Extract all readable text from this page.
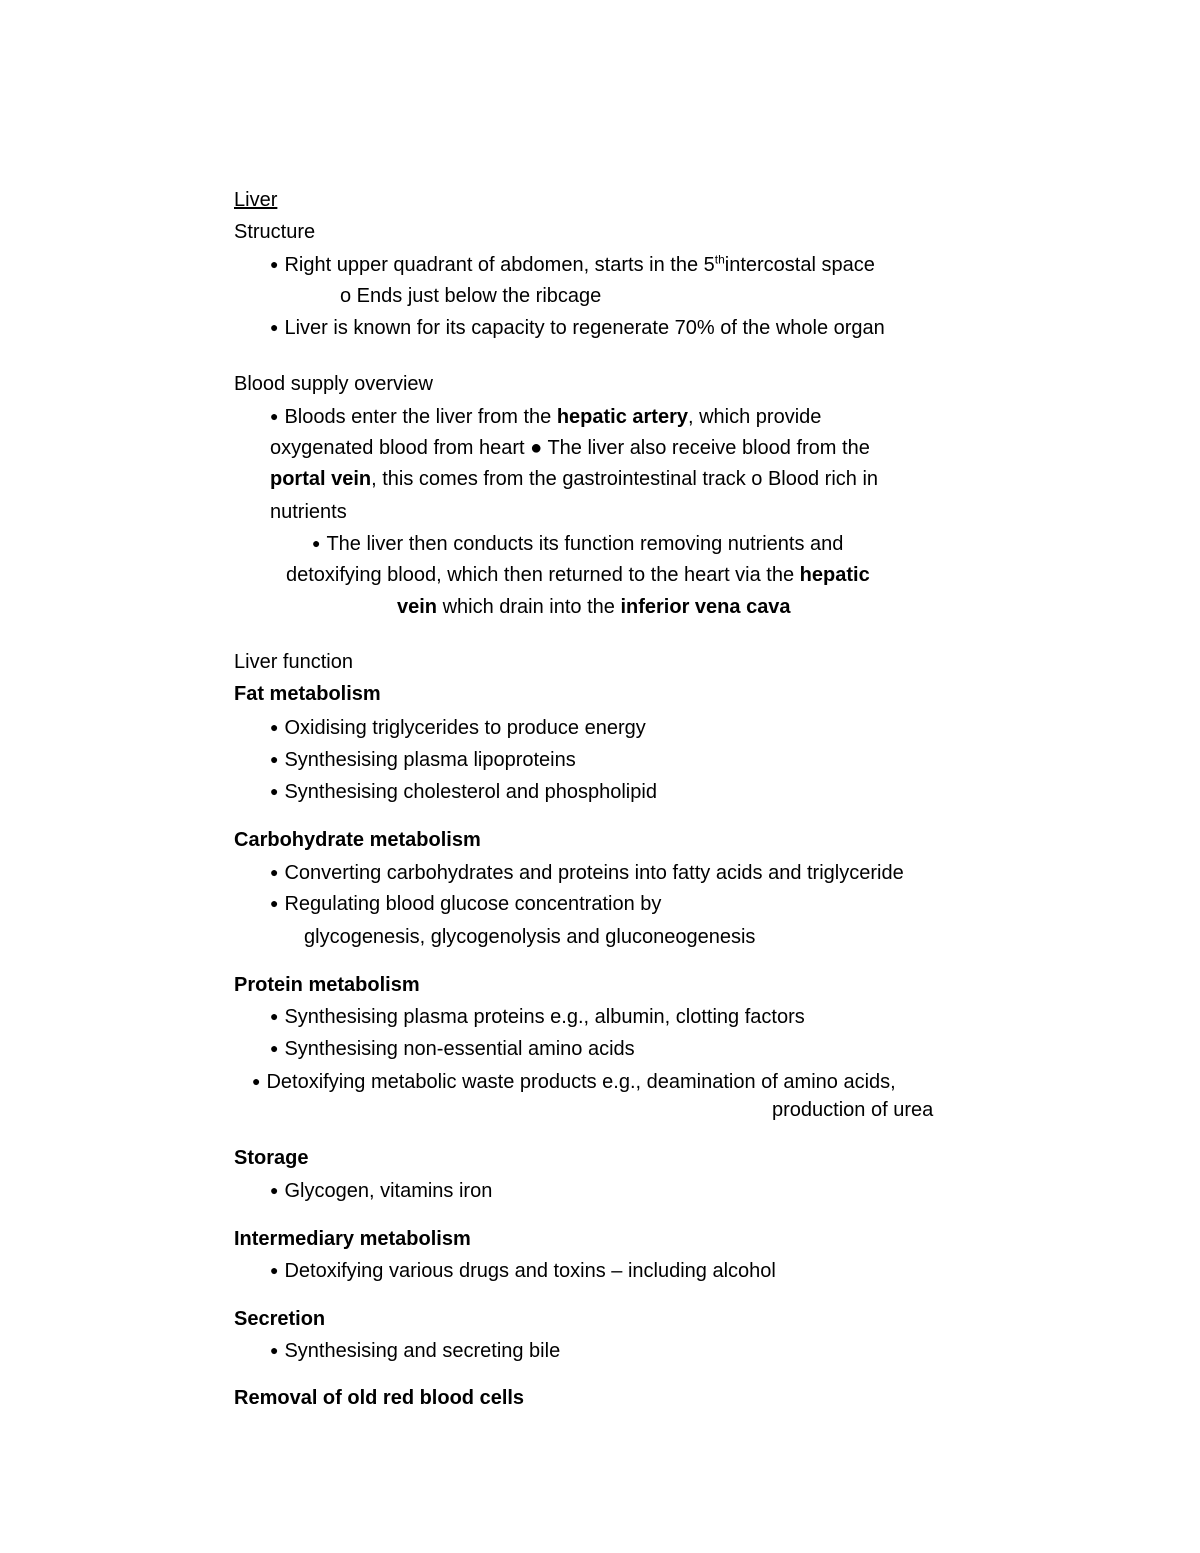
Liver
Structure
● Right upper quadrant of abdomen, starts in the 5thintercostal space
o Ends just below the ribcage
● Liver is known for its capacity to regenerate 70% of the whole organ
Blood supply overview
● Bloods enter the liver from the hepatic artery, which provide
oxygenated blood from heart ● The liver also receive blood from the
portal vein, this comes from the gastrointestinal track o Blood rich in
nutrients
● The liver then conducts its function removing nutrients and
detoxifying blood, which then returned to the heart via the hepatic
vein which drain into the inferior vena cava
Liver function
Fat metabolism
● Oxidising triglycerides to produce energy
● Synthesising plasma lipoproteins
● Synthesising cholesterol and phospholipid
Carbohydrate metabolism
● Converting carbohydrates and proteins into fatty acids and triglyceride
● Regulating blood glucose concentration by
glycogenesis, glycogenolysis and gluconeogenesis
Protein metabolism
● Synthesising plasma proteins e.g., albumin, clotting factors
● Synthesising non-essential amino acids
● Detoxifying metabolic waste products e.g., deamination of amino acids,
production of urea
Storage
● Glycogen, vitamins iron
Intermediary metabolism
● Detoxifying various drugs and toxins – including alcohol
Secretion
● Synthesising and secreting bile
Removal of old red blood cells
